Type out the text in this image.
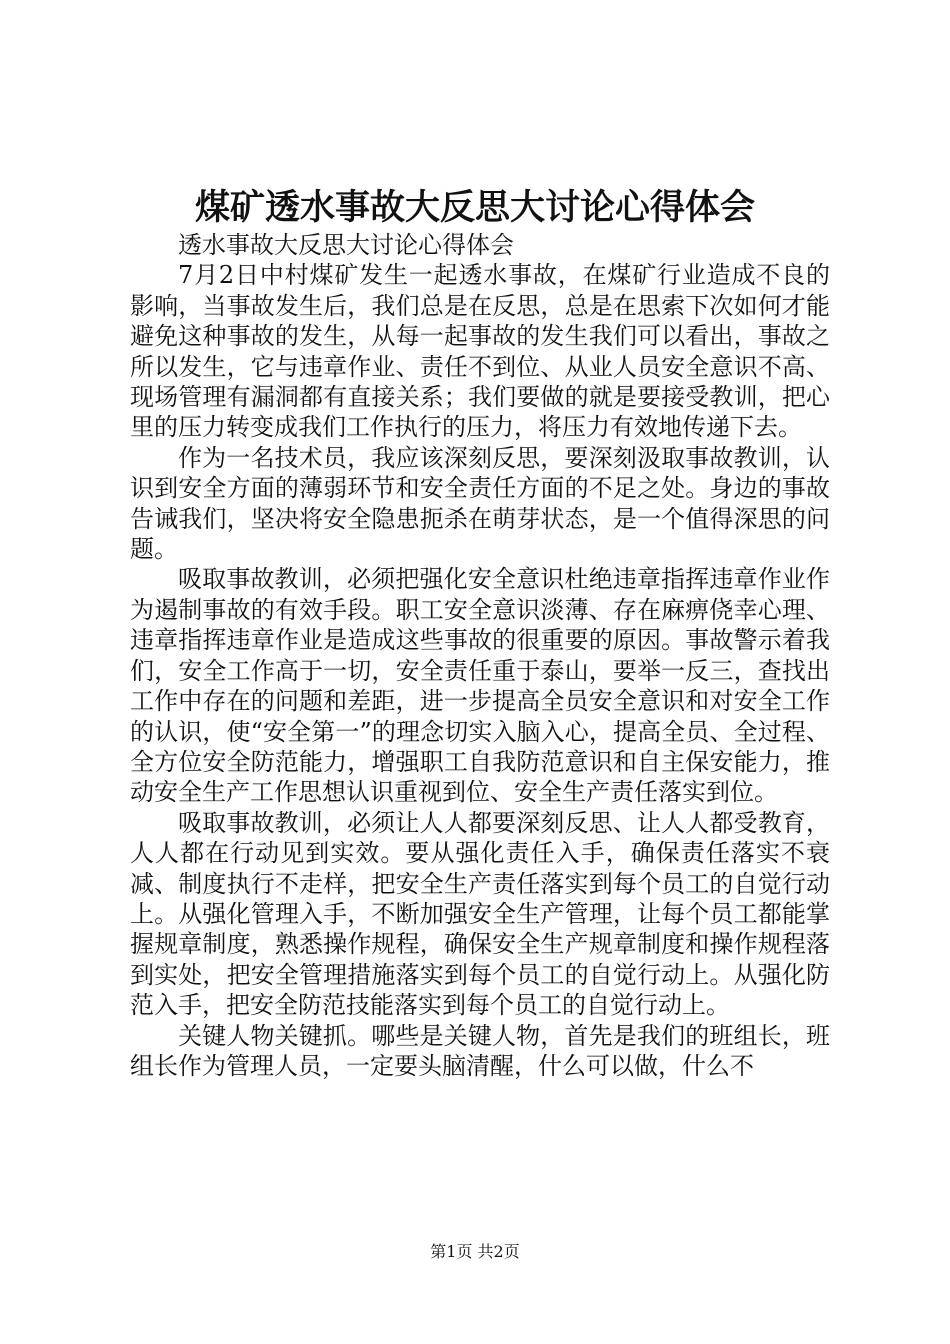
煤矿透水事故大反思大讨论心得体会

透水事故大反思大讨论心得体会

7月2日中村煤矿发生一起透水事故，在煤矿行业造成不良的影响，当事故发生后，我们总是在反思，总是在思索下次如何才能避免这种事故的发生，从每一起事故的发生我们可以看出，事故之所以发生，它与违章作业、责任不到位、从业人员安全意识不高、现场管理有漏洞都有直接关系；我们要做的就是要接受教训，把心里的压力转变成我们工作执行的压力，将压力有效地传递下去。

作为一名技术员，我应该深刻反思，要深刻汲取事故教训，认识到安全方面的薄弱环节和安全责任方面的不足之处。身边的事故告诫我们，坚决将安全隐患扼杀在萌芽状态，是一个值得深思的问题。

吸取事故教训，必须把强化安全意识杜绝违章指挥违章作业作为遏制事故的有效手段。职工安全意识淡薄、存在麻痹侥幸心理、违章指挥违章作业是造成这些事故的很重要的原因。事故警示着我们，安全工作高于一切，安全责任重于泰山，要举一反三，查找出工作中存在的问题和差距，进一步提高全员安全意识和对安全工作的认识，使“安全第一”的理念切实入脑入心，提高全员、全过程、全方位安全防范能力，增强职工自我防范意识和自主保安能力，推动安全生产工作思想认识重视到位、安全生产责任落实到位。

吸取事故教训，必须让人人都要深刻反思、让人人都受教育，人人都在行动见到实效。要从强化责任入手，确保责任落实不衰减、制度执行不走样，把安全生产责任落实到每个员工的自觉行动上。从强化管理入手，不断加强安全生产管理，让每个员工都能掌握规章制度，熟悉操作规程，确保安全生产规章制度和操作规程落到实处，把安全管理措施落实到每个员工的自觉行动上。从强化防范入手，把安全防范技能落实到每个员工的自觉行动上。

关键人物关键抓。哪些是关键人物，首先是我们的班组长，班组长作为管理人员，一定要头脑清醒，什么可以做，什么不

第1页 共2页
